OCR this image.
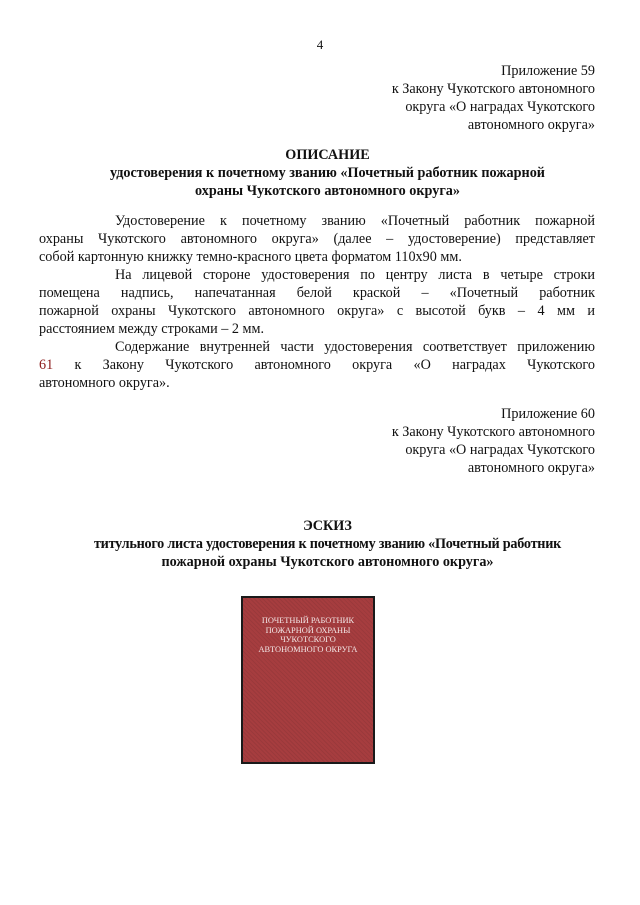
4
Приложение 59
к Закону Чукотского автономного
округа «О наградах Чукотского
автономного округа»
ОПИСАНИЕ
удостоверения к почетному званию «Почетный работник пожарной
охраны Чукотского автономного округа»

Удостоверение к почетному званию «Почетный работник пожарной
охраны Чукотского автономного округа» (далее – удостоверение) представляет
собой картонную книжку темно-красного цвета форматом 110х90 мм.

На лицевой стороне удостоверения по центру листа в четыре строки
помещена надпись, напечатанная белой краской – «Почетный работник
пожарной охраны Чукотского автономного округа» с высотой букв – 4 мм и
расстоянием между строками – 2 мм.

Содержание внутренней части удостоверения соответствует приложению
61 к Закону Чукотского автономного округа «О наградах Чукотского
автономного округа».

Приложение 60
к Закону Чукотского автономного
округа «О наградах Чукотского
автономного округа»
ЭСКИЗ
титульного листа удостоверения к почетному званию «Почетный работник
пожарной охраны Чукотского автономного округа»
ПОЧЕТНЫЙ РАБОТНИК
ПОЖАРНОЙ ОХРАНЫ
ЧУКОТСКОГО
АВТОНОМНОГО ОКРУГА
